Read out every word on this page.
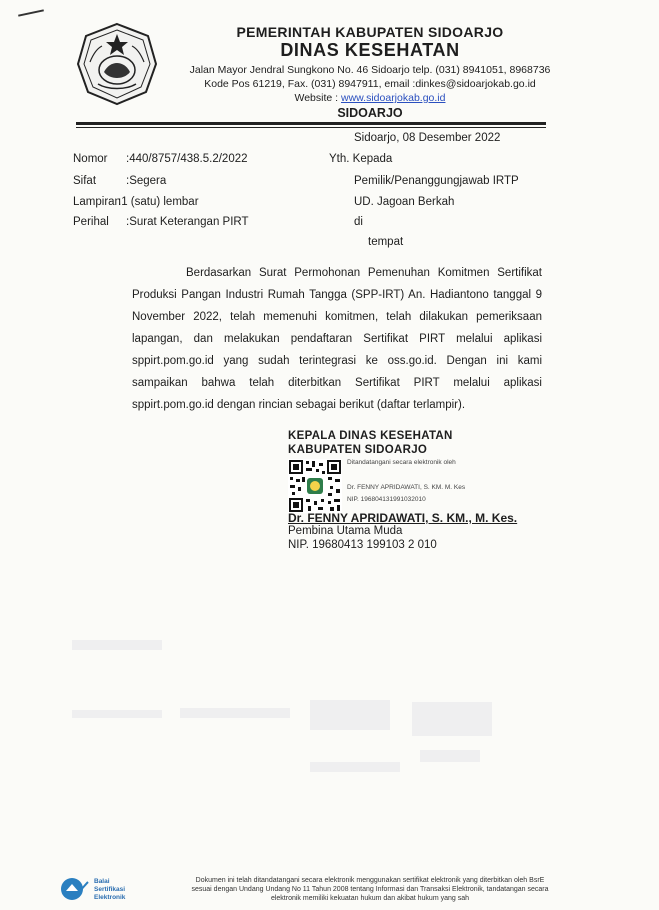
PEMERINTAH KABUPATEN SIDOARJO
DINAS KESEHATAN
Jalan Mayor Jendral Sungkono No. 46 Sidoarjo telp. (031) 8941051, 8968736
Kode Pos 61219, Fax. (031) 8947911, email :dinkes@sidoarjokab.go.id
Website : www.sidoarjokab.go.id
SIDOARJO
Sidoarjo, 08 Desember 2022
Nomor :440/8757/438.5.2/2022
Sifat	:Segera
Lampiran
:1 (satu) lembar
Perihal :Surat Keterangan PIRT
Yth. Kepada
Pemilik/Penanggungjawab IRTP
UD. Jagoan Berkah
di
tempat

Berdasarkan Surat Permohonan Pemenuhan Komitmen Sertifikat Produksi Pangan Industri Rumah Tangga (SPP-IRT) An. Hadiantono tanggal 9 November 2022, telah memenuhi komitmen, telah dilakukan pemeriksaan lapangan, dan melakukan pendaftaran Sertifikat PIRT melalui aplikasi sppirt.pom.go.id yang sudah terintegrasi ke oss.go.id. Dengan ini kami sampaikan bahwa telah diterbitkan Sertifikat PIRT melalui aplikasi sppirt.pom.go.id dengan rincian sebagai berikut (daftar terlampir).

KEPALA DINAS KESEHATAN
KABUPATEN SIDOARJO
Ditandatangani secara elektronik oleh
Dr. FENNY APRIDAWATI, S. KM. M. Kes
NIP. 196804131991032010
Dr. FENNY APRIDAWATI, S. KM., M. Kes.
Pembina Utama Muda
NIP. 19680413 199103 2 010
Balai
Sertifikasi
Elektronik
Dokumen ini telah ditandatangani secara elektronik menggunakan sertifikat elektronik yang diterbitkan oleh BsrE
sesuai dengan Undang Undang No 11 Tahun 2008 tentang Informasi dan Transaksi Elektronik, tandatangan secara
elektronik memiliki kekuatan hukum dan akibat hukum yang sah
